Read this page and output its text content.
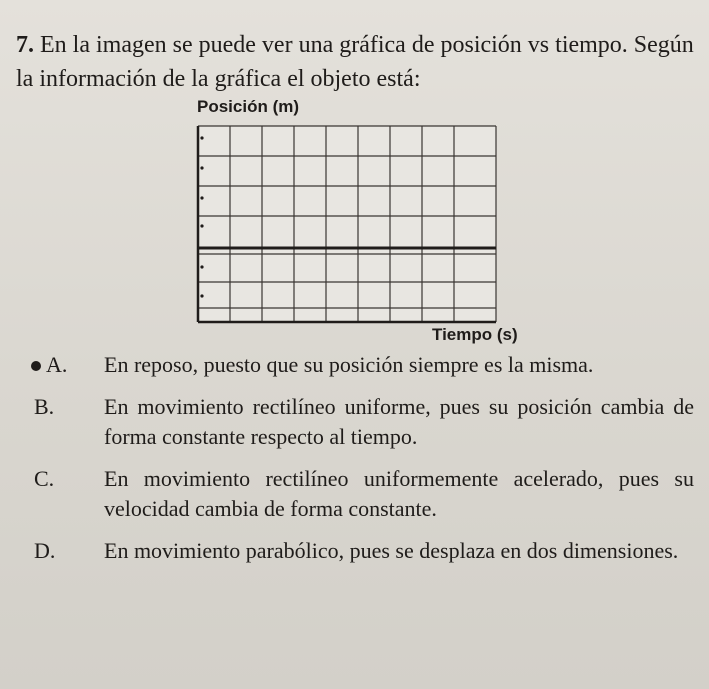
7. En la imagen se puede ver una gráfica de posición vs tiempo. Según la información de la gráfica el objeto está:
Posición (m)
Tiempo (s)
A. En reposo, puesto que su posición siempre es la misma.
B. En movimiento rectilíneo uniforme, pues su posición cambia de forma constante respecto al tiempo.
C. En movimiento rectilíneo uniformemente acelerado, pues su velocidad cambia de forma constante.
D. En movimiento parabólico, pues se desplaza en dos dimensiones.
